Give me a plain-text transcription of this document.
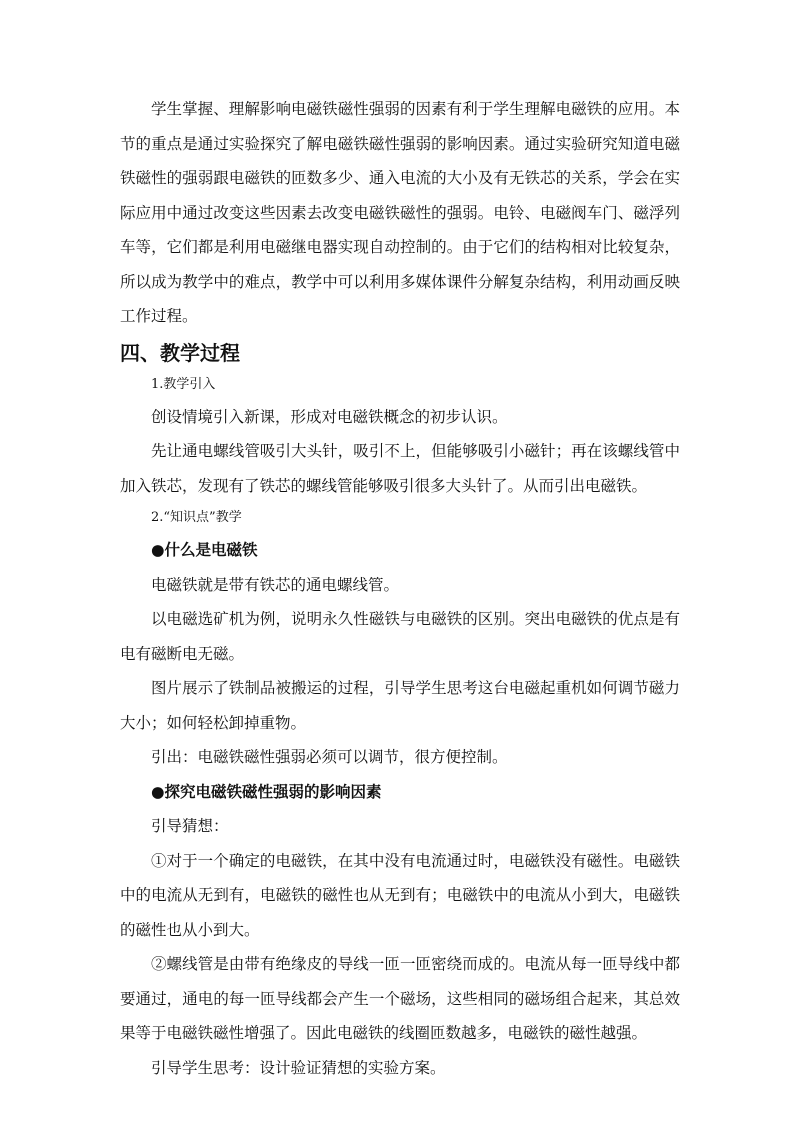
学生掌握、理解影响电磁铁磁性强弱的因素有利于学生理解电磁铁的应用。本节的重点是通过实验探究了解电磁铁磁性强弱的影响因素。通过实验研究知道电磁铁磁性的强弱跟电磁铁的匝数多少、通入电流的大小及有无铁芯的关系，学会在实际应用中通过改变这些因素去改变电磁铁磁性的强弱。电铃、电磁阀车门、磁浮列车等，它们都是利用电磁继电器实现自动控制的。由于它们的结构相对比较复杂，所以成为教学中的难点，教学中可以利用多媒体课件分解复杂结构，利用动画反映工作过程。

四、教学过程

1.教学引入

创设情境引入新课，形成对电磁铁概念的初步认识。

先让通电螺线管吸引大头针，吸引不上，但能够吸引小磁针；再在该螺线管中加入铁芯，发现有了铁芯的螺线管能够吸引很多大头针了。从而引出电磁铁。

2.“知识点”教学

●什么是电磁铁

电磁铁就是带有铁芯的通电螺线管。

以电磁选矿机为例，说明永久性磁铁与电磁铁的区别。突出电磁铁的优点是有电有磁断电无磁。

图片展示了铁制品被搬运的过程，引导学生思考这台电磁起重机如何调节磁力大小；如何轻松卸掉重物。

引出：电磁铁磁性强弱必须可以调节，很方便控制。

●探究电磁铁磁性强弱的影响因素

引导猜想：

①对于一个确定的电磁铁，在其中没有电流通过时，电磁铁没有磁性。电磁铁中的电流从无到有，电磁铁的磁性也从无到有；电磁铁中的电流从小到大，电磁铁的磁性也从小到大。

②螺线管是由带有绝缘皮的导线一匝一匝密绕而成的。电流从每一匝导线中都要通过，通电的每一匝导线都会产生一个磁场，这些相同的磁场组合起来，其总效果等于电磁铁磁性增强了。因此电磁铁的线圈匝数越多，电磁铁的磁性越强。

引导学生思考：设计验证猜想的实验方案。
